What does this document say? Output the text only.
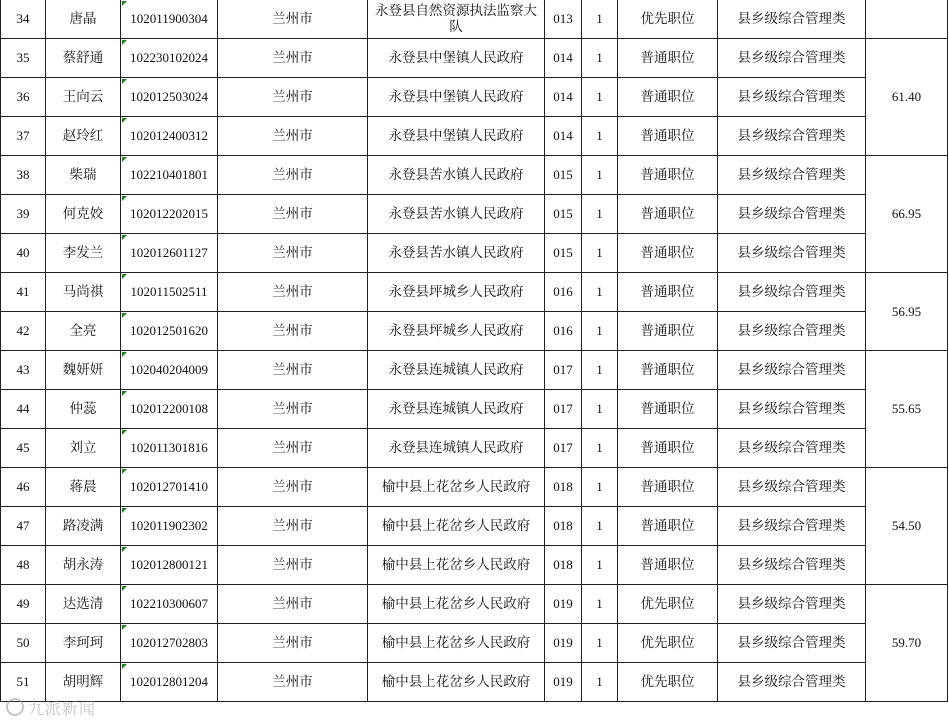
34	唐晶	102011900304	兰州市	永登县自然资源执法监察大队	013	1	优先职位	县乡级综合管理类	
35	蔡舒通	102230102024	兰州市	永登县中堡镇人民政府	014	1	普通职位	县乡级综合管理类	61.40
36	王向云	102012503024	兰州市	永登县中堡镇人民政府	014	1	普通职位	县乡级综合管理类	
37	赵玲红	102012400312	兰州市	永登县中堡镇人民政府	014	1	普通职位	县乡级综合管理类	
38	柴瑞	102210401801	兰州市	永登县苦水镇人民政府	015	1	普通职位	县乡级综合管理类	66.95
39	何克姣	102012202015	兰州市	永登县苦水镇人民政府	015	1	普通职位	县乡级综合管理类	
40	李发兰	102012601127	兰州市	永登县苦水镇人民政府	015	1	普通职位	县乡级综合管理类	
41	马尚祺	102011502511	兰州市	永登县坪城乡人民政府	016	1	普通职位	县乡级综合管理类	56.95
42	全亮	102012501620	兰州市	永登县坪城乡人民政府	016	1	普通职位	县乡级综合管理类	
43	魏妍妍	102040204009	兰州市	永登县连城镇人民政府	017	1	普通职位	县乡级综合管理类	55.65
44	仲蕊	102012200108	兰州市	永登县连城镇人民政府	017	1	普通职位	县乡级综合管理类	
45	刘立	102011301816	兰州市	永登县连城镇人民政府	017	1	普通职位	县乡级综合管理类	
46	蒋晨	102012701410	兰州市	榆中县上花岔乡人民政府	018	1	普通职位	县乡级综合管理类	54.50
47	路凌满	102011902302	兰州市	榆中县上花岔乡人民政府	018	1	普通职位	县乡级综合管理类	
48	胡永涛	102012800121	兰州市	榆中县上花岔乡人民政府	018	1	普通职位	县乡级综合管理类	
49	达选清	102210300607	兰州市	榆中县上花岔乡人民政府	019	1	优先职位	县乡级综合管理类	59.70
50	李珂珂	102012702803	兰州市	榆中县上花岔乡人民政府	019	1	优先职位	县乡级综合管理类	
51	胡明辉	102012801204	兰州市	榆中县上花岔乡人民政府	019	1	优先职位	县乡级综合管理类	
九派新闻
